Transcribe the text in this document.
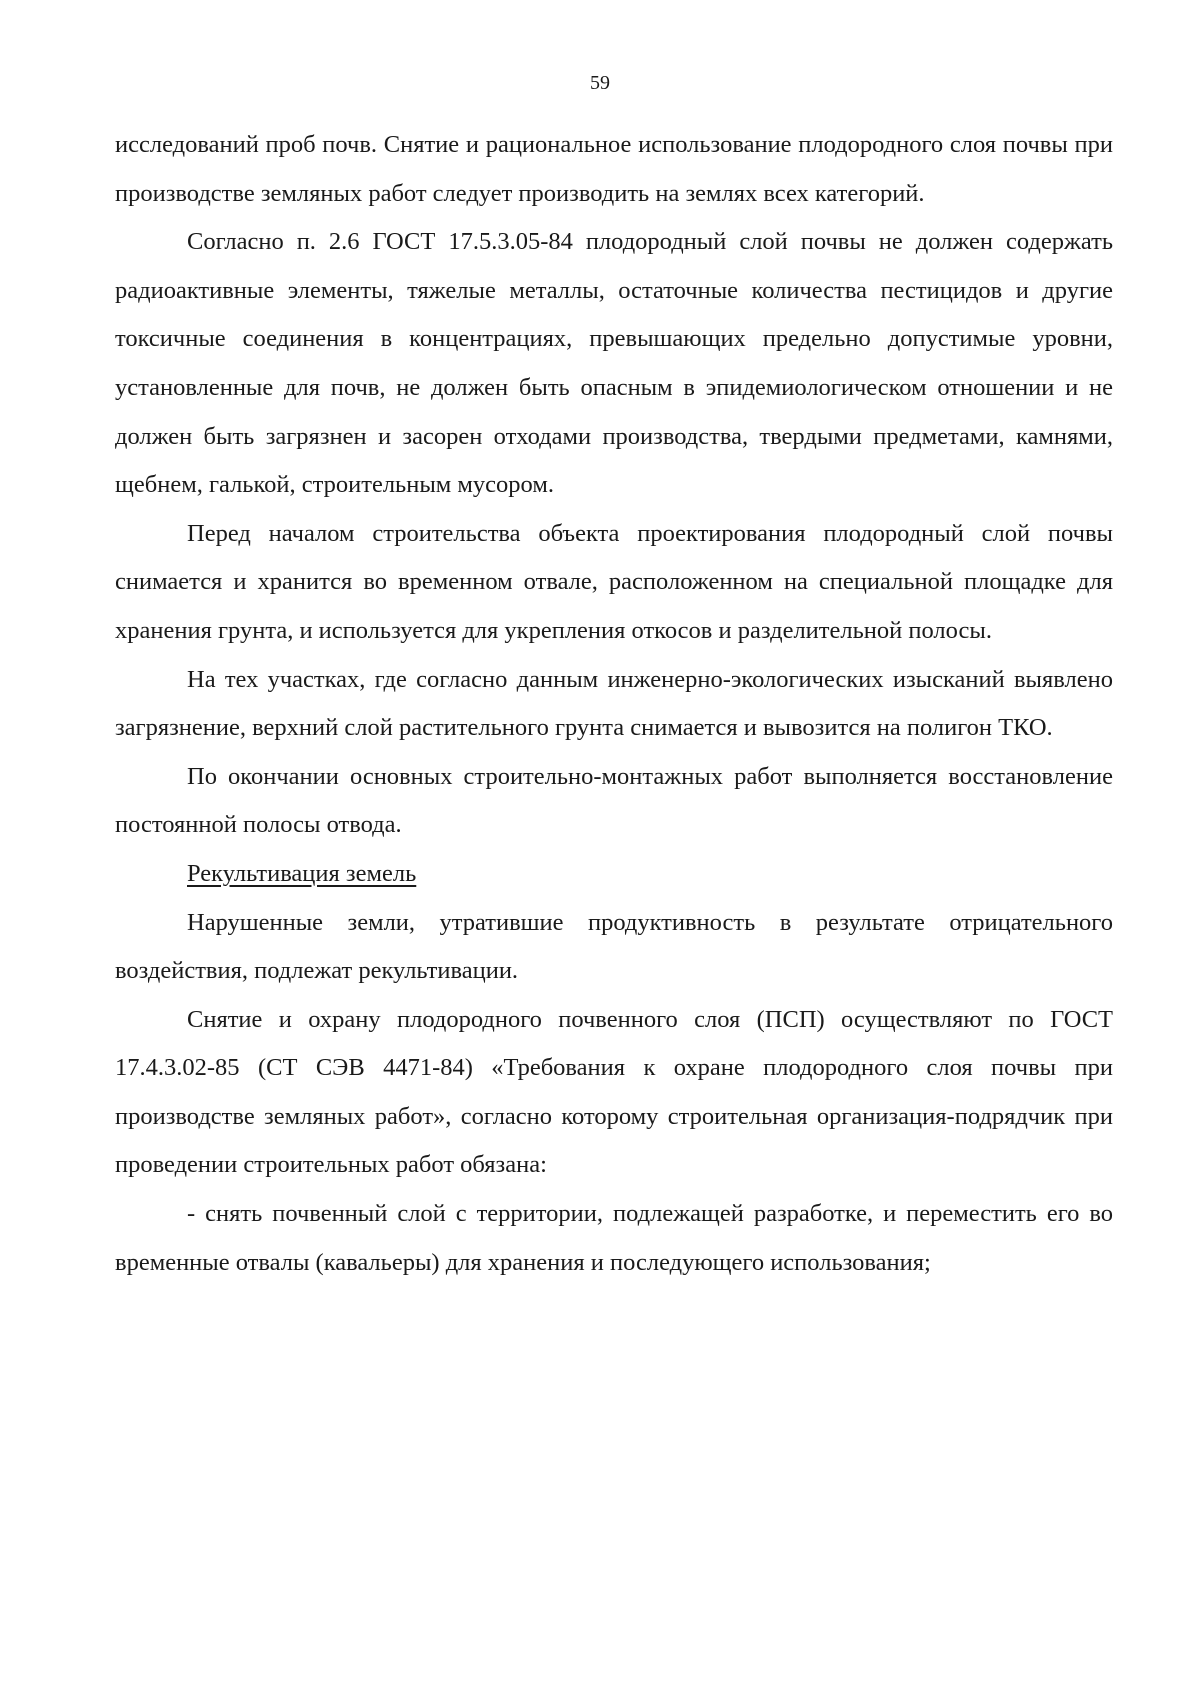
59

исследований проб почв. Снятие и рациональное использование плодородного слоя почвы при производстве земляных работ следует производить на землях всех категорий.

Согласно п. 2.6 ГОСТ 17.5.3.05-84 плодородный слой почвы не должен содержать радиоактивные элементы, тяжелые металлы, остаточные количества пестицидов и другие токсичные соединения в концентрациях, превышающих предельно допустимые уровни, установленные для почв, не должен быть опасным в эпидемиологическом отношении и не должен быть загрязнен и засорен отходами производства, твердыми предметами, камнями, щебнем, галькой, строительным мусором.

Перед началом строительства объекта проектирования плодородный слой почвы снимается и хранится во временном отвале, расположенном на специальной площадке для хранения грунта, и используется для укрепления откосов и разделительной полосы.

На тех участках, где согласно данным инженерно-экологических изысканий выявлено загрязнение, верхний слой растительного грунта снимается и вывозится на полигон ТКО.

По окончании основных строительно-монтажных работ выполняется восстановление постоянной полосы отвода.

Рекультивация земель

Нарушенные земли, утратившие продуктивность в результате отрицательного воздействия, подлежат рекультивации.

Снятие и охрану плодородного почвенного слоя (ПСП) осуществляют по ГОСТ 17.4.3.02-85 (СТ СЭВ 4471-84) «Требования к охране плодородного слоя почвы при производстве земляных работ», согласно которому строительная организация-подрядчик при проведении строительных работ обязана:

- снять почвенный слой с территории, подлежащей разработке, и переместить его во временные отвалы (кавальеры) для хранения и последующего использования;
